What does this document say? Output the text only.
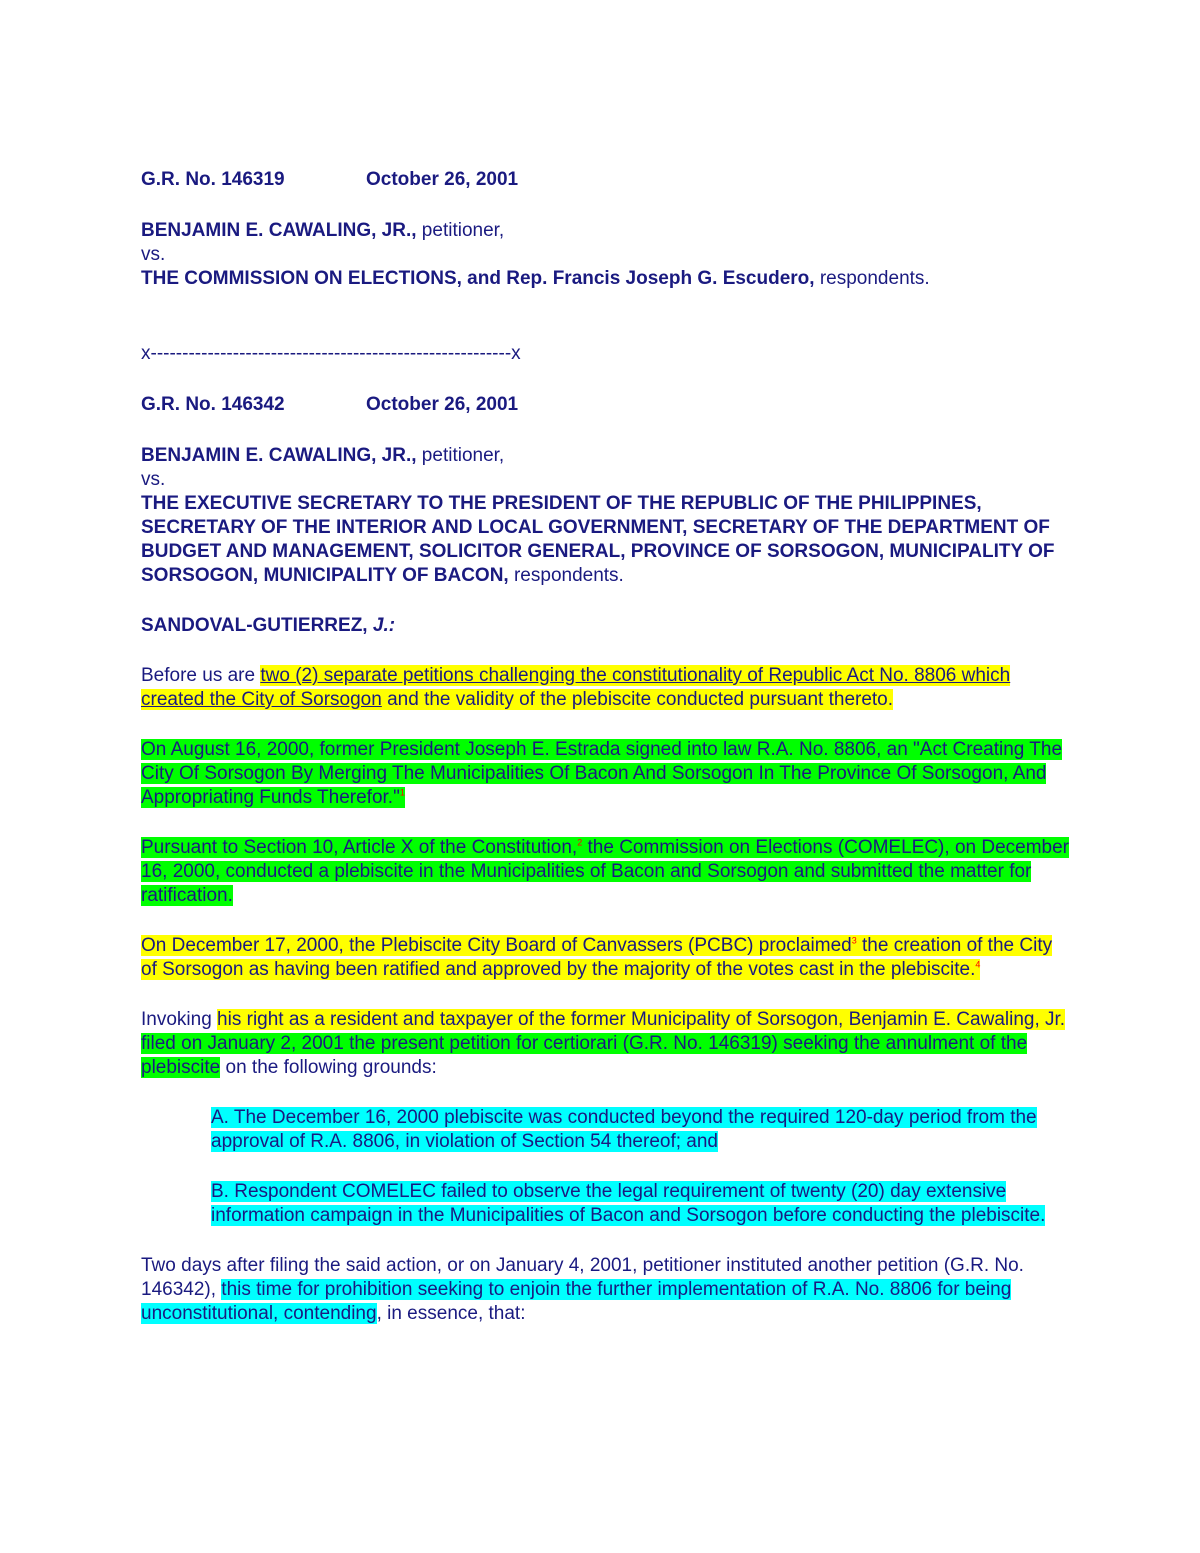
G.R. No. 146319	October 26, 2001

BENJAMIN E. CAWALING, JR., petitioner,

vs.

THE COMMISSION ON ELECTIONS, and Rep. Francis Joseph G. Escudero, respondents.

x---------------------------------------------------------x

G.R. No. 146342	October 26, 2001

BENJAMIN E. CAWALING, JR., petitioner,

vs.

THE EXECUTIVE SECRETARY TO THE PRESIDENT OF THE REPUBLIC OF THE PHILIPPINES, SECRETARY OF THE INTERIOR AND LOCAL GOVERNMENT, SECRETARY OF THE DEPARTMENT OF BUDGET AND MANAGEMENT, SOLICITOR GENERAL, PROVINCE OF SORSOGON, MUNICIPALITY OF SORSOGON, MUNICIPALITY OF BACON, respondents.

SANDOVAL-GUTIERREZ, J.:

Before us are two (2) separate petitions challenging the constitutionality of Republic Act No. 8806 which created the City of Sorsogon and the validity of the plebiscite conducted pursuant thereto.

On August 16, 2000, former President Joseph E. Estrada signed into law R.A. No. 8806, an "Act Creating The City Of Sorsogon By Merging The Municipalities Of Bacon And Sorsogon In The Province Of Sorsogon, And Appropriating Funds Therefor."$^1$

Pursuant to Section 10, Article X of the Constitution,$^2$ the Commission on Elections (COMELEC), on December 16, 2000, conducted a plebiscite in the Municipalities of Bacon and Sorsogon and submitted the matter for ratification.

On December 17, 2000, the Plebiscite City Board of Canvassers (PCBC) proclaimed$^3$ the creation of the City of Sorsogon as having been ratified and approved by the majority of the votes cast in the plebiscite.$^4$

Invoking his right as a resident and taxpayer of the former Municipality of Sorsogon, Benjamin E. Cawaling, Jr. filed on January 2, 2001 the present petition for certiorari (G.R. No. 146319) seeking the annulment of the plebiscite on the following grounds:

A. The December 16, 2000 plebiscite was conducted beyond the required 120-day period from the approval of R.A. 8806, in violation of Section 54 thereof; and

B. Respondent COMELEC failed to observe the legal requirement of twenty (20) day extensive information campaign in the Municipalities of Bacon and Sorsogon before conducting the plebiscite.

Two days after filing the said action, or on January 4, 2001, petitioner instituted another petition (G.R. No. 146342), this time for prohibition seeking to enjoin the further implementation of R.A. No. 8806 for being unconstitutional, contending, in essence, that:
